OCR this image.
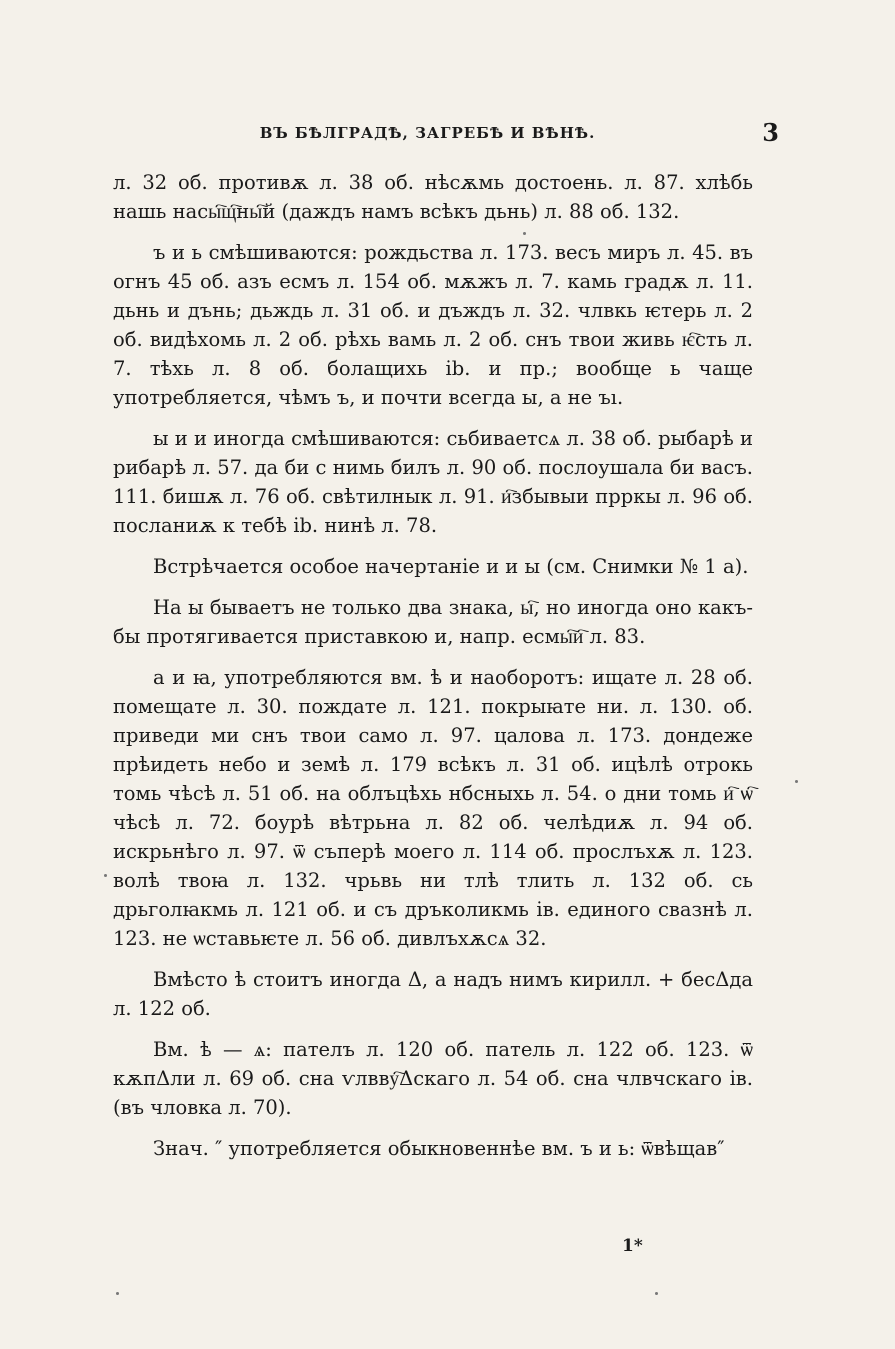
ВЪ БѢЛГРАДѢ, ЗАГРЕБѢ И ВѢНѢ.	3

л. 32 об. противѫ л. 38 об. нѣсѫмь достоень. л. 87. хлѣбь нашь насы҇щ҇ны҇й (даждъ намъ всѣкъ дьнь) л. 88 об. 132.

ъ и ь смѣшиваются: рождьства л. 173. весъ миръ л. 45. въ огнъ 45 об. азъ есмъ л. 154 об. мѫжъ л. 7. камь градѫ л. 11. дьнь и дънь; дьждь л. 31 об. и дъждъ л. 32. члвкь ѥтерь л. 2 об. видѣхомь л. 2 об. рѣхь вамь л. 2 об. снъ твои живь ѥ҇сть л. 7. тѣхь л. 8 об. болащихь ib. и пр.; вообще ь чаще употребляется, чѣмъ ъ, и почти всегда ы, а не ъı.

ы и и иногда смѣшиваются: сьбиваетсѧ л. 38 об. рыбарѣ и рибарѣ л. 57. да би с нимь билъ л. 90 об. послоушала би васъ. 111. бишѫ л. 76 об. свѣтилнык л. 91. и҇збывыи прркы л. 96 об. посланиѫ к тебѣ ib. нинѣ л. 78.

Встрѣчается особое начертаніе и и ы (см. Снимки № 1 а).

На ы бываетъ не только два знака, ы҇, но иногда оно какъ-бы протягивается приставкою и, напр. есмы҇и҇ л. 83.

а и ꙗ, употребляются вм. ѣ и наоборотъ: ищате л. 28 об. помещате л. 30. пождате л. 121. покрыꙗте ни. л. 130. об. приведи ми снъ твои само л. 97. цалова л. 173. дондеже прѣидеть небо и земѣ л. 179 всѣкъ л. 31 об. ицѣлѣ отрокь томь чѣсѣ л. 51 об. на облъцѣхь нбсныхь л. 54. о дни томь и҇ ѡ҇ чѣсѣ л. 72. боурѣ вѣтрьна л. 82 об. челѣдиѫ л. 94 об. искрьнѣго л. 97. ѿ съперѣ моего л. 114 об. прослъхѫ л. 123. волѣ твоꙗ л. 132. чрьвь ни тлѣ тлить л. 132 об. сь дрьголꙗкмь л. 121 об. и съ дръколикмь iв. единого свазнѣ л. 123. не ѡставьѥте л. 56 об. дивлъхѫсѧ 32.

Вмѣсто ѣ стоитъ иногда Δ, а надъ нимъ кирилл. + бесΔда л. 122 об.

Вм. ѣ — ѧ: пателъ л. 120 об. патель л. 122 об. 123. ѿ кѫпΔли л. 69 об. сна ѵлвву҇Δскаго л. 54 об. сна члвчскаго iв. (въ чловка л. 70).

Знач. ″ употребляется обыкновеннѣе вм. ъ и ь: ѿвѣщав″

1*
